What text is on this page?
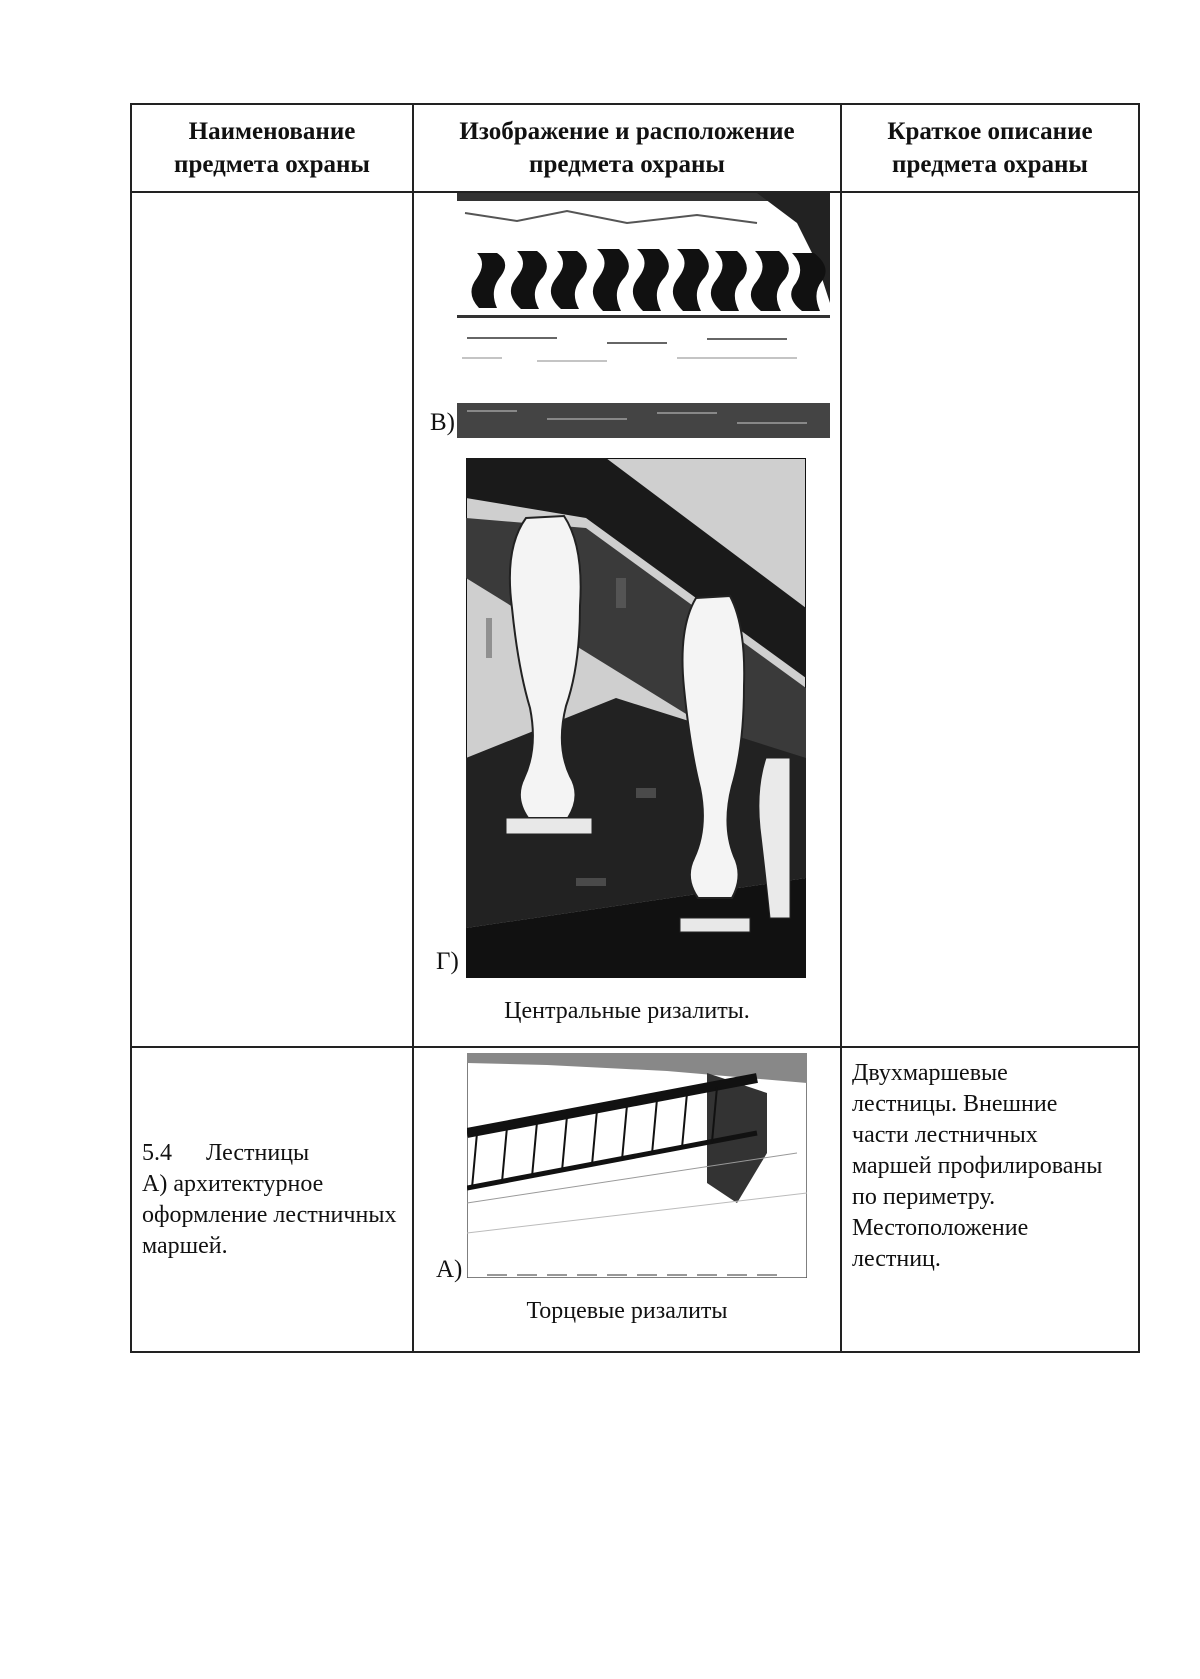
Наименование предмета охраны
Изображение и расположение предмета охраны
Краткое описание предмета охраны
В)
Г)
Центральные ризалиты.
5.4 Лестницы
А) архитектурное оформление лестничных маршей.
А)
Торцевые ризалиты
Двухмаршевые лестницы. Внешние части лестничных маршей профилированы по периметру. Местоположение лестниц.
